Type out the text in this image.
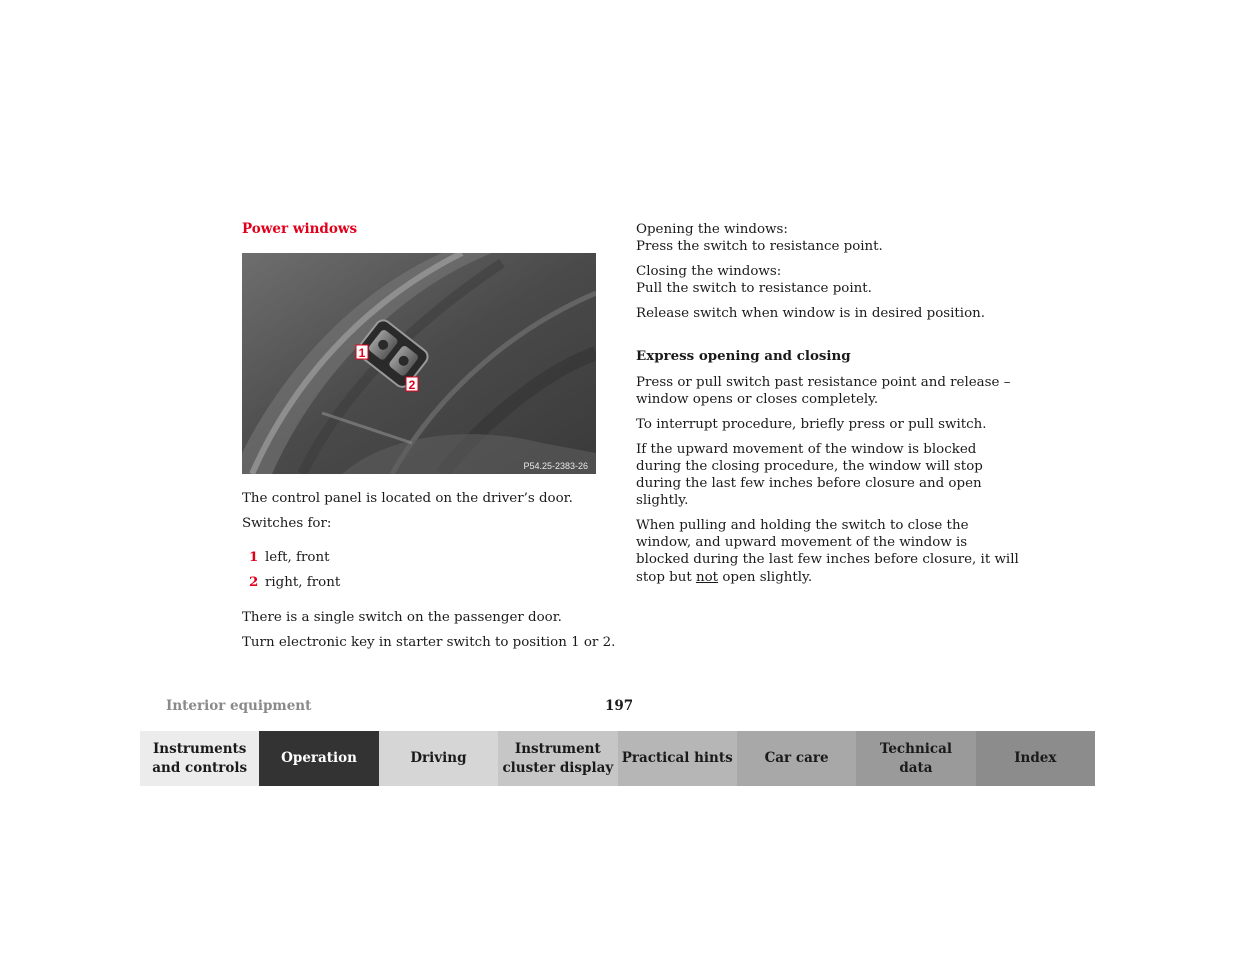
Power windows
1
2
P54.25-2383-26

The control panel is located on the driver’s door.

Switches for:

1 left, front

2 right, front

There is a single switch on the passenger door.

Turn electronic key in starter switch to position 1 or 2.

Opening the windows:
Press the switch to resistance point.
Closing the windows:
Pull the switch to resistance point.

Release switch when window is in desired position.

Express opening and closing

Press or pull switch past resistance point and release –
window opens or closes completely.

To interrupt procedure, briefly press or pull switch.

If the upward movement of the window is blocked
during the closing procedure, the window will stop
during the last few inches before closure and open
slightly.
When pulling and holding the switch to close the
window, and upward movement of the window is
blocked during the last few inches before closure, it will
stop but not open slightly.
Interior equipment	197
Instruments
and controls
Operation	Driving
Instrument
cluster display
Practical hints	Car care
Technical
data
Index
